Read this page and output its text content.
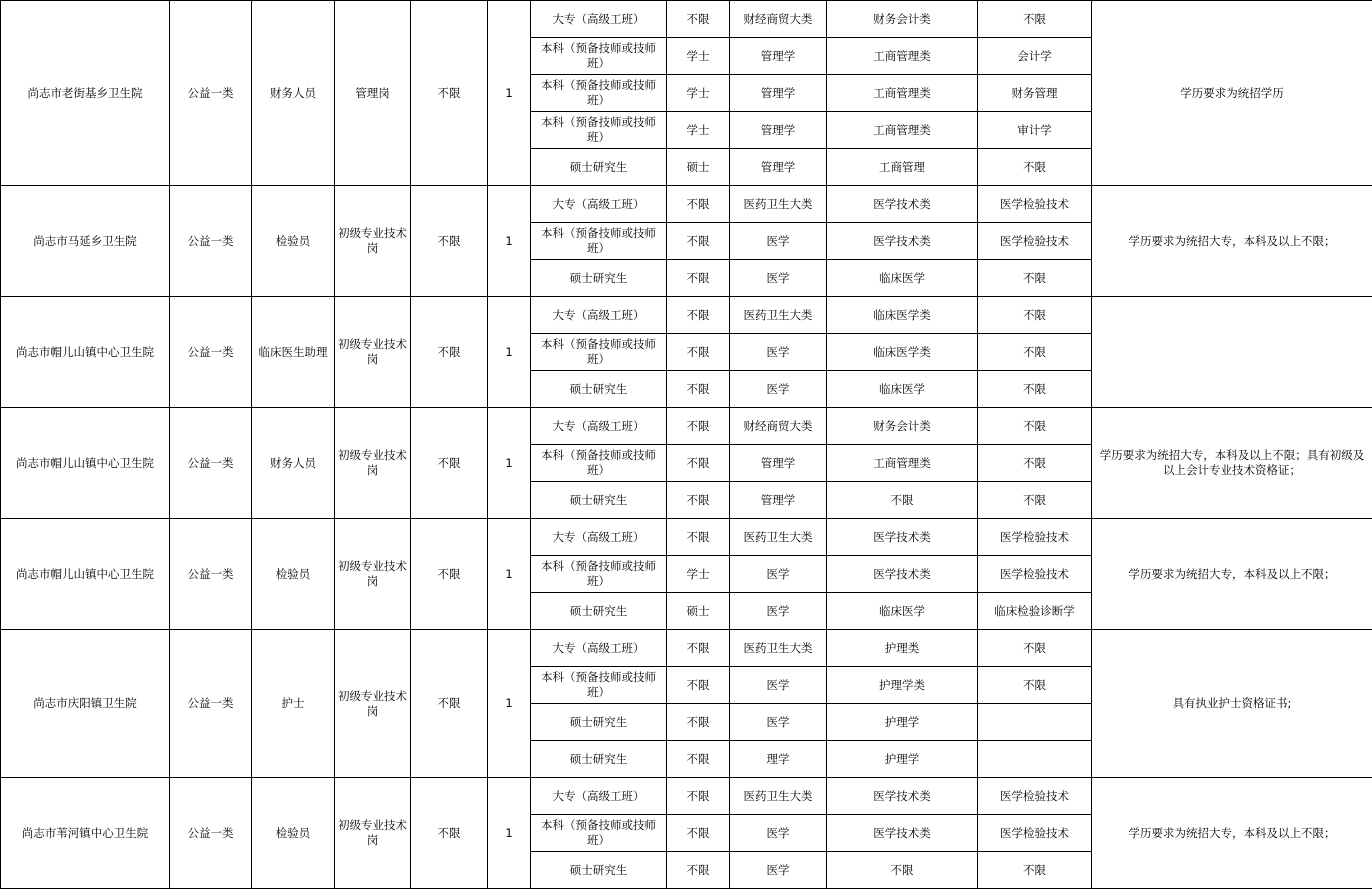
尚志市老街基乡卫生院	公益一类	财务人员	管理岗	不限	1	大专（高级工班）	不限	财经商贸大类	财务会计类	不限	学历要求为统招学历
						本科（预备技师或技师班）	学士	管理学	工商管理类	会计学	
						本科（预备技师或技师班）	学士	管理学	工商管理类	财务管理	
						本科（预备技师或技师班）	学士	管理学	工商管理类	审计学	
						硕士研究生	硕士	管理学	工商管理	不限	
尚志市马延乡卫生院	公益一类	检验员	初级专业技术岗	不限	1	大专（高级工班）	不限	医药卫生大类	医学技术类	医学检验技术	学历要求为统招大专，本科及以上不限；
						本科（预备技师或技师班）	不限	医学	医学技术类	医学检验技术	
						硕士研究生	不限	医学	临床医学	不限	
尚志市帽儿山镇中心卫生院	公益一类	临床医生助理	初级专业技术岗	不限	1	大专（高级工班）	不限	医药卫生大类	临床医学类	不限	
						本科（预备技师或技师班）	不限	医学	临床医学类	不限	
						硕士研究生	不限	医学	临床医学	不限	
尚志市帽儿山镇中心卫生院	公益一类	财务人员	初级专业技术岗	不限	1	大专（高级工班）	不限	财经商贸大类	财务会计类	不限	学历要求为统招大专，本科及以上不限；具有初级及以上会计专业技术资格证；
						本科（预备技师或技师班）	不限	管理学	工商管理类	不限	
						硕士研究生	不限	管理学	不限	不限	
尚志市帽儿山镇中心卫生院	公益一类	检验员	初级专业技术岗	不限	1	大专（高级工班）	不限	医药卫生大类	医学技术类	医学检验技术	学历要求为统招大专，本科及以上不限；
						本科（预备技师或技师班）	学士	医学	医学技术类	医学检验技术	
						硕士研究生	硕士	医学	临床医学	临床检验诊断学	
尚志市庆阳镇卫生院	公益一类	护士	初级专业技术岗	不限	1	大专（高级工班）	不限	医药卫生大类	护理类	不限	具有执业护士资格证书;
						本科（预备技师或技师班）	不限	医学	护理学类	不限	
						硕士研究生	不限	医学	护理学		
						硕士研究生	不限	理学	护理学		
尚志市苇河镇中心卫生院	公益一类	检验员	初级专业技术岗	不限	1	大专（高级工班）	不限	医药卫生大类	医学技术类	医学检验技术	学历要求为统招大专，本科及以上不限；
						本科（预备技师或技师班）	不限	医学	医学技术类	医学检验技术	
						硕士研究生	不限	医学	不限	不限	
